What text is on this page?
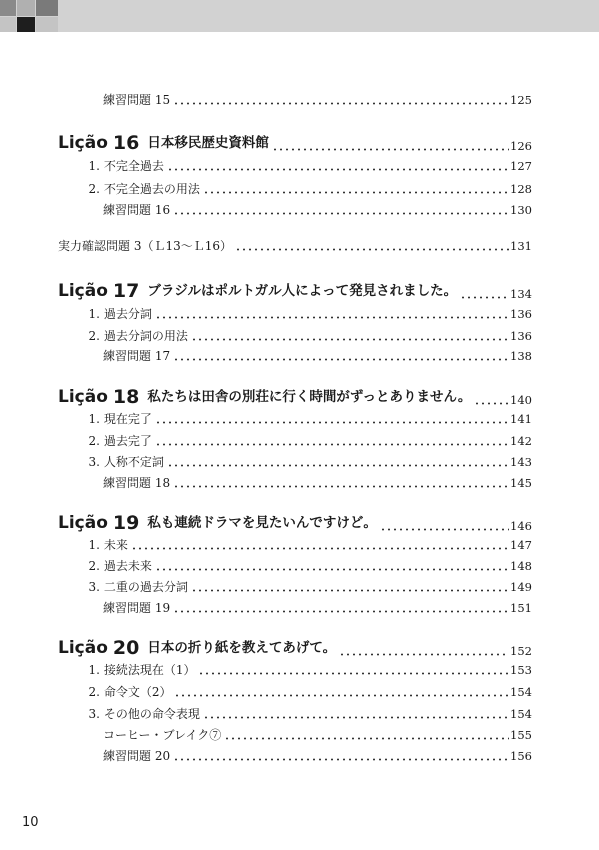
練習問題 15	125
Lição 16 日本移民歴史資料館	126
1. 不完全過去	127
2. 不完全過去の用法	128
練習問題 16	130
実力確認問題 3（Ｌ13～Ｌ16）	131
Lição 17 ブラジルはポルトガル人によって発見されました。	134
1. 過去分詞	136
2. 過去分詞の用法	136
練習問題 17	138
Lição 18 私たちは田舎の別荘に行く時間がずっとありません。	140
1. 現在完了	141
2. 過去完了	142
3. 人称不定詞	143
練習問題 18	145
Lição 19 私も連続ドラマを見たいんですけど。	146
1. 未来	147
2. 過去未来	148
3. 二重の過去分詞	149
練習問題 19	151
Lição 20 日本の折り紙を教えてあげて。	152
1. 接続法現在（1）	153
2. 命令文（2）	154
3. その他の命令表現	154
コーヒー・ブレイク⑦	155
練習問題 20	156
10
